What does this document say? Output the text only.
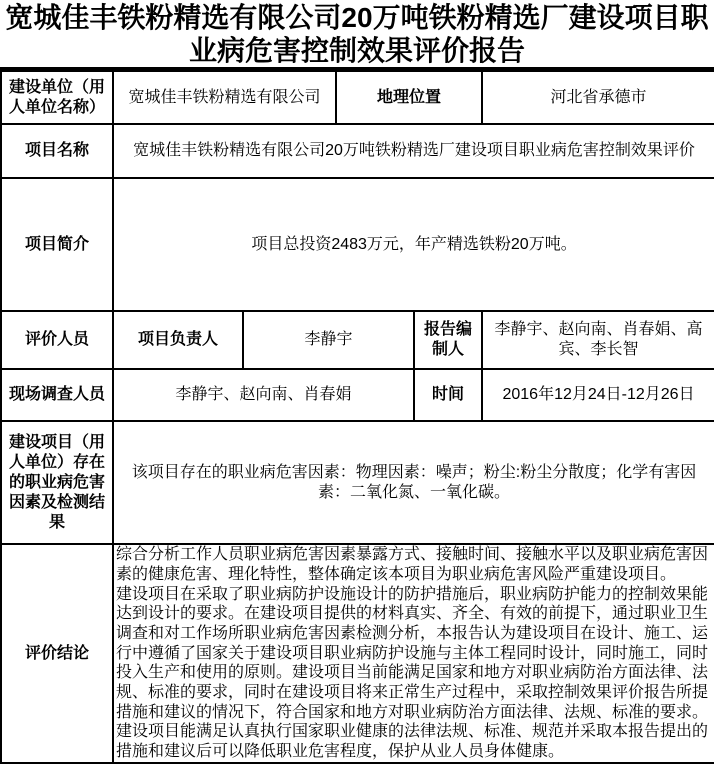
宽城佳丰铁粉精选有限公司20万吨铁粉精选厂建设项目职业病危害控制效果评价报告
建设单位（用人单位名称）	宽城佳丰铁粉精选有限公司		地理位置		河北省承德市
项目名称	宽城佳丰铁粉精选有限公司20万吨铁粉精选厂建设项目职业病危害控制效果评价				
项目简介	项目总投资2483万元，年产精选铁粉20万吨。				
评价人员	项目负责人	李静宇		报告编制人	李静宇、赵向南、肖春娟、高宾、李长智
现场调查人员	李静宇、赵向南、肖春娟			时间	2016年12月24日-12月26日
建设项目（用人单位）存在的职业病危害因素及检测结果	该项目存在的职业病危害因素：物理因素：噪声；粉尘:粉尘分散度；化学有害因素：二氧化氮、一氧化碳。				
评价结论	综合分析工作人员职业病危害因素暴露方式、接触时间、接触水平以及职业病危害因素的健康危害、理化特性，整体确定该本项目为职业病危害风险严重建设项目。
建设项目在采取了职业病防护设施设计的防护措施后，职业病防护能力的控制效果能达到设计的要求。在建设项目提供的材料真实、齐全、有效的前提下，通过职业卫生调查和对工作场所职业病危害因素检测分析，本报告认为建设项目在设计、施工、运行中遵循了国家关于建设项目职业病防护设施与主体工程同时设计，同时施工，同时投入生产和使用的原则。建设项目当前能满足国家和地方对职业病防治方面法律、法规、标准的要求，同时在建设项目将来正常生产过程中，采取控制效果评价报告所提措施和建议的情况下，符合国家和地方对职业病防治方面法律、法规、标准的要求。建设项目能满足认真执行国家职业健康的法律法规、标准、规范并采取本报告提出的措施和建议后可以降低职业危害程度，保护从业人员身体健康。				
